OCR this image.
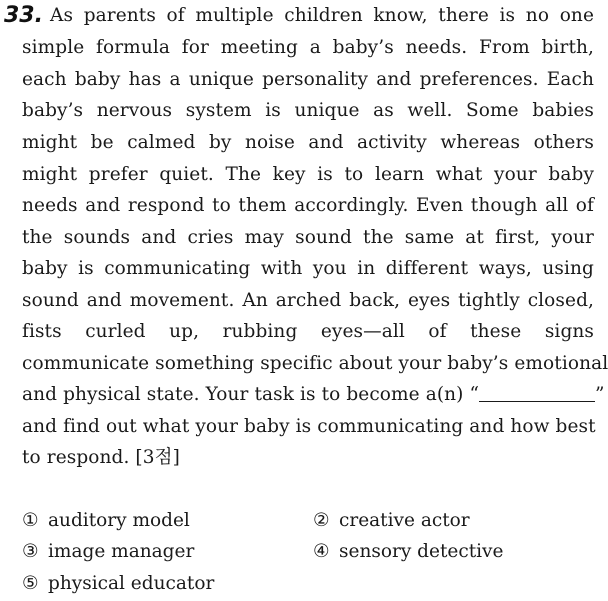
33. As parents of multiple children know, there is no one
simple formula for meeting a baby’s needs. From birth,
each baby has a unique personality and preferences. Each
baby’s nervous system is unique as well. Some babies
might be calmed by noise and activity whereas others
might prefer quiet. The key is to learn what your baby
needs and respond to them accordingly. Even though all of
the sounds and cries may sound the same at first, your
baby is communicating with you in different ways, using
sound and movement. An arched back, eyes tightly closed,
fists curled up, rubbing eyes—all of these signs
communicate something specific about your baby’s emotional
and physical state. Your task is to become a(n) “	”
and find out what your baby is communicating and how best
to respond. [3점]
① auditory model	② creative actor
③ image manager	④ sensory detective
⑤ physical educator
